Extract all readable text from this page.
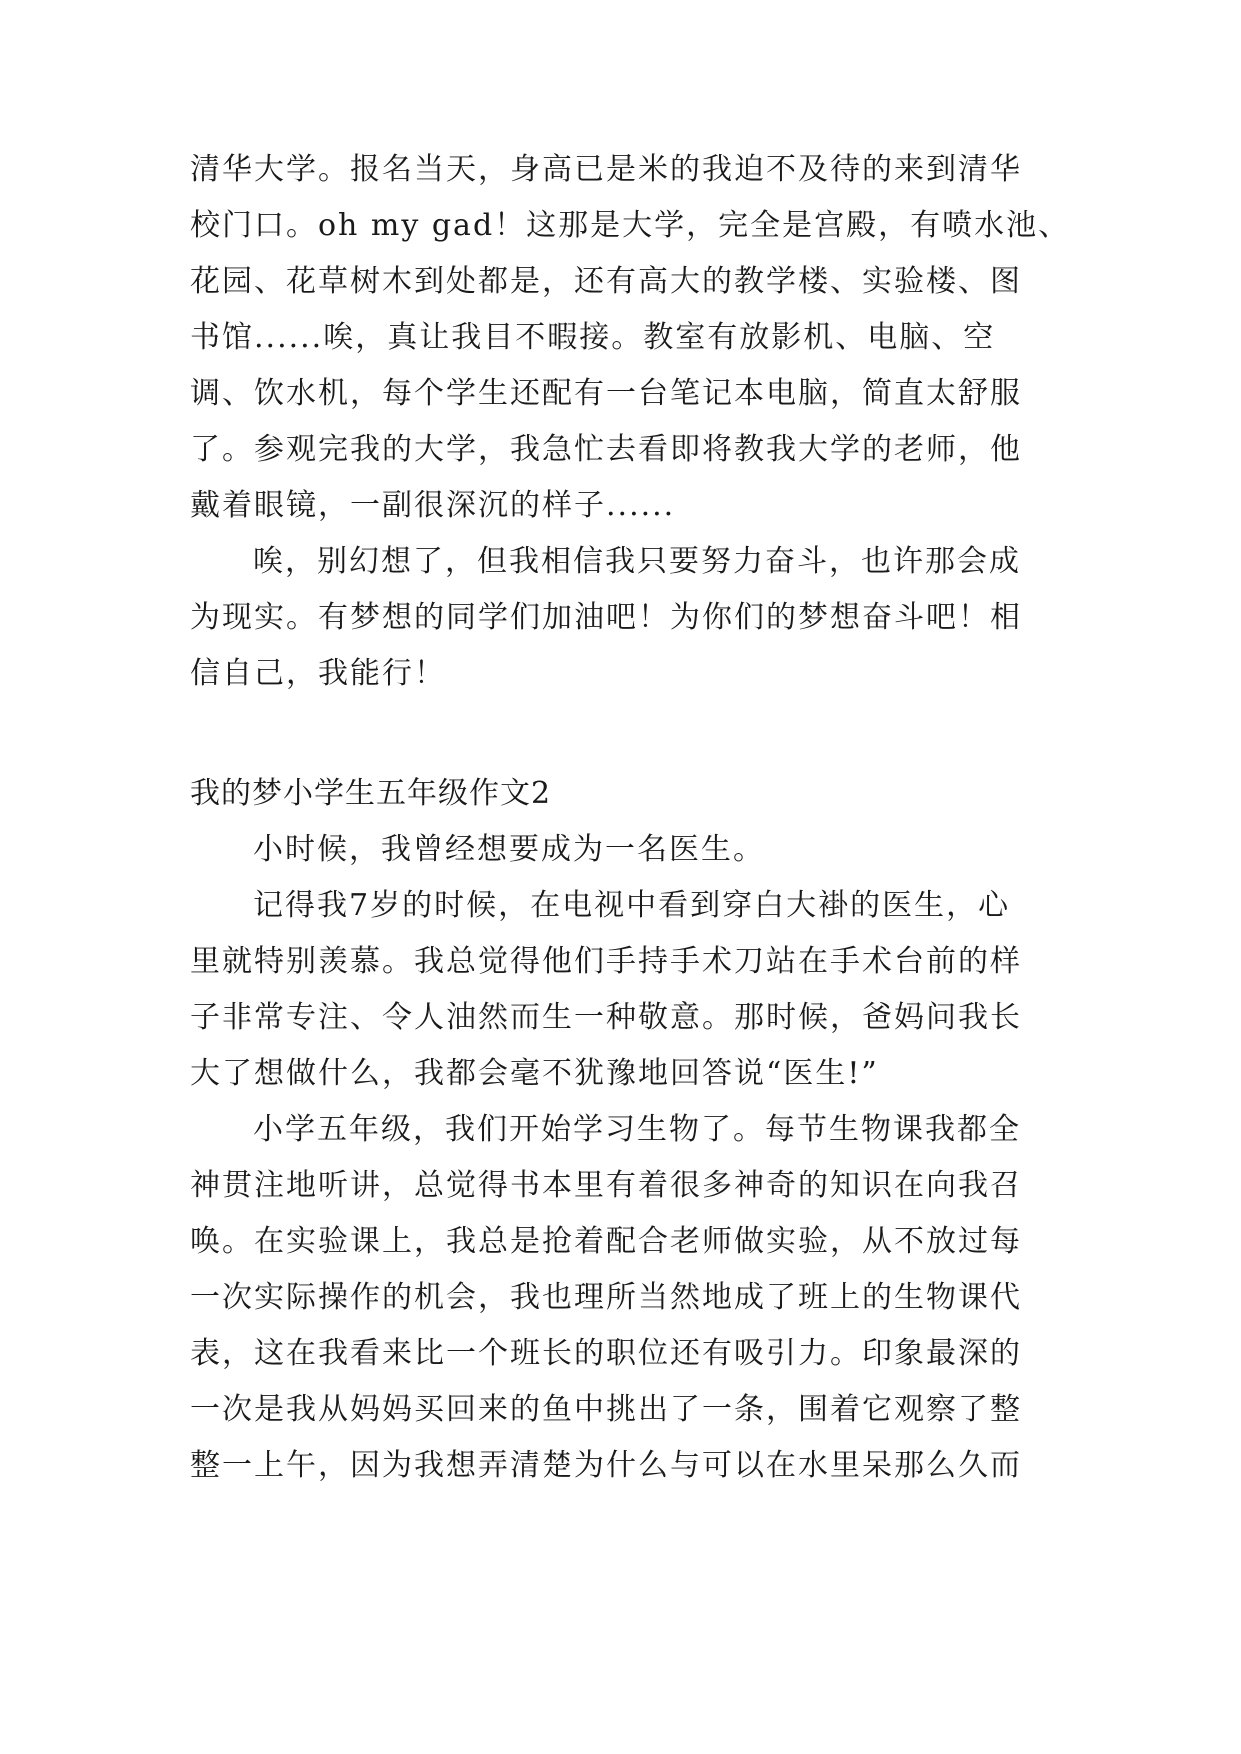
清华大学。报名当天，身高已是米的我迫不及待的来到清华
校门口。oh my gad！这那是大学，完全是宫殿，有喷水池、
花园、花草树木到处都是，还有高大的教学楼、实验楼、图
书馆......唉，真让我目不暇接。教室有放影机、电脑、空
调、饮水机，每个学生还配有一台笔记本电脑，简直太舒服
了。参观完我的大学，我急忙去看即将教我大学的老师，他
戴着眼镜，一副很深沉的样子......
唉，别幻想了，但我相信我只要努力奋斗，也许那会成
为现实。有梦想的同学们加油吧！为你们的梦想奋斗吧！相
信自己，我能行！
我的梦小学生五年级作文2
小时候，我曾经想要成为一名医生。
记得我7岁的时候，在电视中看到穿白大褂的医生，心
里就特别羡慕。我总觉得他们手持手术刀站在手术台前的样
子非常专注、令人油然而生一种敬意。那时候，爸妈问我长
大了想做什么，我都会毫不犹豫地回答说“医生!”
小学五年级，我们开始学习生物了。每节生物课我都全
神贯注地听讲，总觉得书本里有着很多神奇的知识在向我召
唤。在实验课上，我总是抢着配合老师做实验，从不放过每
一次实际操作的机会，我也理所当然地成了班上的生物课代
表，这在我看来比一个班长的职位还有吸引力。印象最深的
一次是我从妈妈买回来的鱼中挑出了一条，围着它观察了整
整一上午，因为我想弄清楚为什么与可以在水里呆那么久而
